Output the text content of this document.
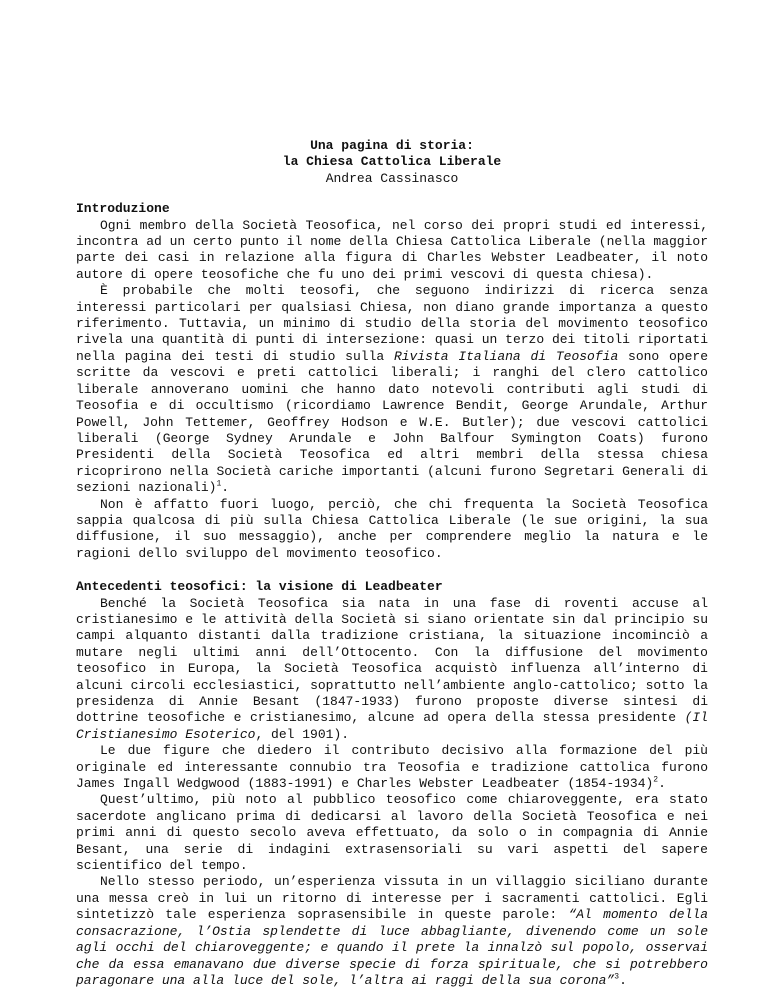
Una pagina di storia:

la Chiesa Cattolica Liberale

Andrea Cassinasco

Introduzione

Ogni membro della Società Teosofica, nel corso dei propri studi ed interessi, incontra ad un certo punto il nome della Chiesa Cattolica Liberale (nella maggior parte dei casi in relazione alla figura di Charles Webster Leadbeater, il noto autore di opere teosofiche che fu uno dei primi vescovi di questa chiesa).

È probabile che molti teosofi, che seguono indirizzi di ricerca senza interessi particolari per qualsiasi Chiesa, non diano grande importanza a questo riferimento. Tuttavia, un minimo di studio della storia del movimento teosofico rivela una quantità di punti di intersezione: quasi un terzo dei titoli riportati nella pagina dei testi di studio sulla Rivista Italiana di Teosofia sono opere scritte da vescovi e preti cattolici liberali; i ranghi del clero cattolico liberale annoverano uomini che hanno dato notevoli contributi agli studi di Teosofia e di occultismo (ricordiamo Lawrence Bendit, George Arundale, Arthur Powell, John Tettemer, Geoffrey Hodson e W.E. Butler); due vescovi cattolici liberali (George Sydney Arundale e John Balfour Symington Coats) furono Presidenti della Società Teosofica ed altri membri della stessa chiesa ricoprirono nella Società cariche importanti (alcuni furono Segretari Generali di sezioni nazionali)$^1$.

Non è affatto fuori luogo, perciò, che chi frequenta la Società Teosofica sappia qualcosa di più sulla Chiesa Cattolica Liberale (le sue origini, la sua diffusione, il suo messaggio), anche per comprendere meglio la natura e le ragioni dello sviluppo del movimento teosofico.

Antecedenti teosofici: la visione di Leadbeater

Benché la Società Teosofica sia nata in una fase di roventi accuse al cristianesimo e le attività della Società si siano orientate sin dal principio su campi alquanto distanti dalla tradizione cristiana, la situazione incominciò a mutare negli ultimi anni dell’Ottocento. Con la diffusione del movimento teosofico in Europa, la Società Teosofica acquistò influenza all’interno di alcuni circoli ecclesiastici, soprattutto nell’ambiente anglo-cattolico; sotto la presidenza di Annie Besant (1847-1933) furono proposte diverse sintesi di dottrine teosofiche e cristianesimo, alcune ad opera della stessa presidente (Il Cristianesimo Esoterico, del 1901).

Le due figure che diedero il contributo decisivo alla formazione del più originale ed interessante connubio tra Teosofia e tradizione cattolica furono James Ingall Wedgwood (1883-1991) e Charles Webster Leadbeater (1854-1934)$^2$.

Quest’ultimo, più noto al pubblico teosofico come chiaroveggente, era stato sacerdote anglicano prima di dedicarsi al lavoro della Società Teosofica e nei primi anni di questo secolo aveva effettuato, da solo o in compagnia di Annie Besant, una serie di indagini extrasensoriali su vari aspetti del sapere scientifico del tempo.

Nello stesso periodo, un’esperienza vissuta in un villaggio siciliano durante una messa creò in lui un ritorno di interesse per i sacramenti cattolici. Egli sintetizzò tale esperienza soprasensibile in queste parole: “Al momento della consacrazione, l’Ostia splendette di luce abbagliante, divenendo come un sole agli occhi del chiaroveggente; e quando il prete la innalzò sul popolo, osservai che da essa emanavano due diverse specie di forza spirituale, che si potrebbero paragonare una alla luce del sole, l’altra ai raggi della sua corona”$^3$.
